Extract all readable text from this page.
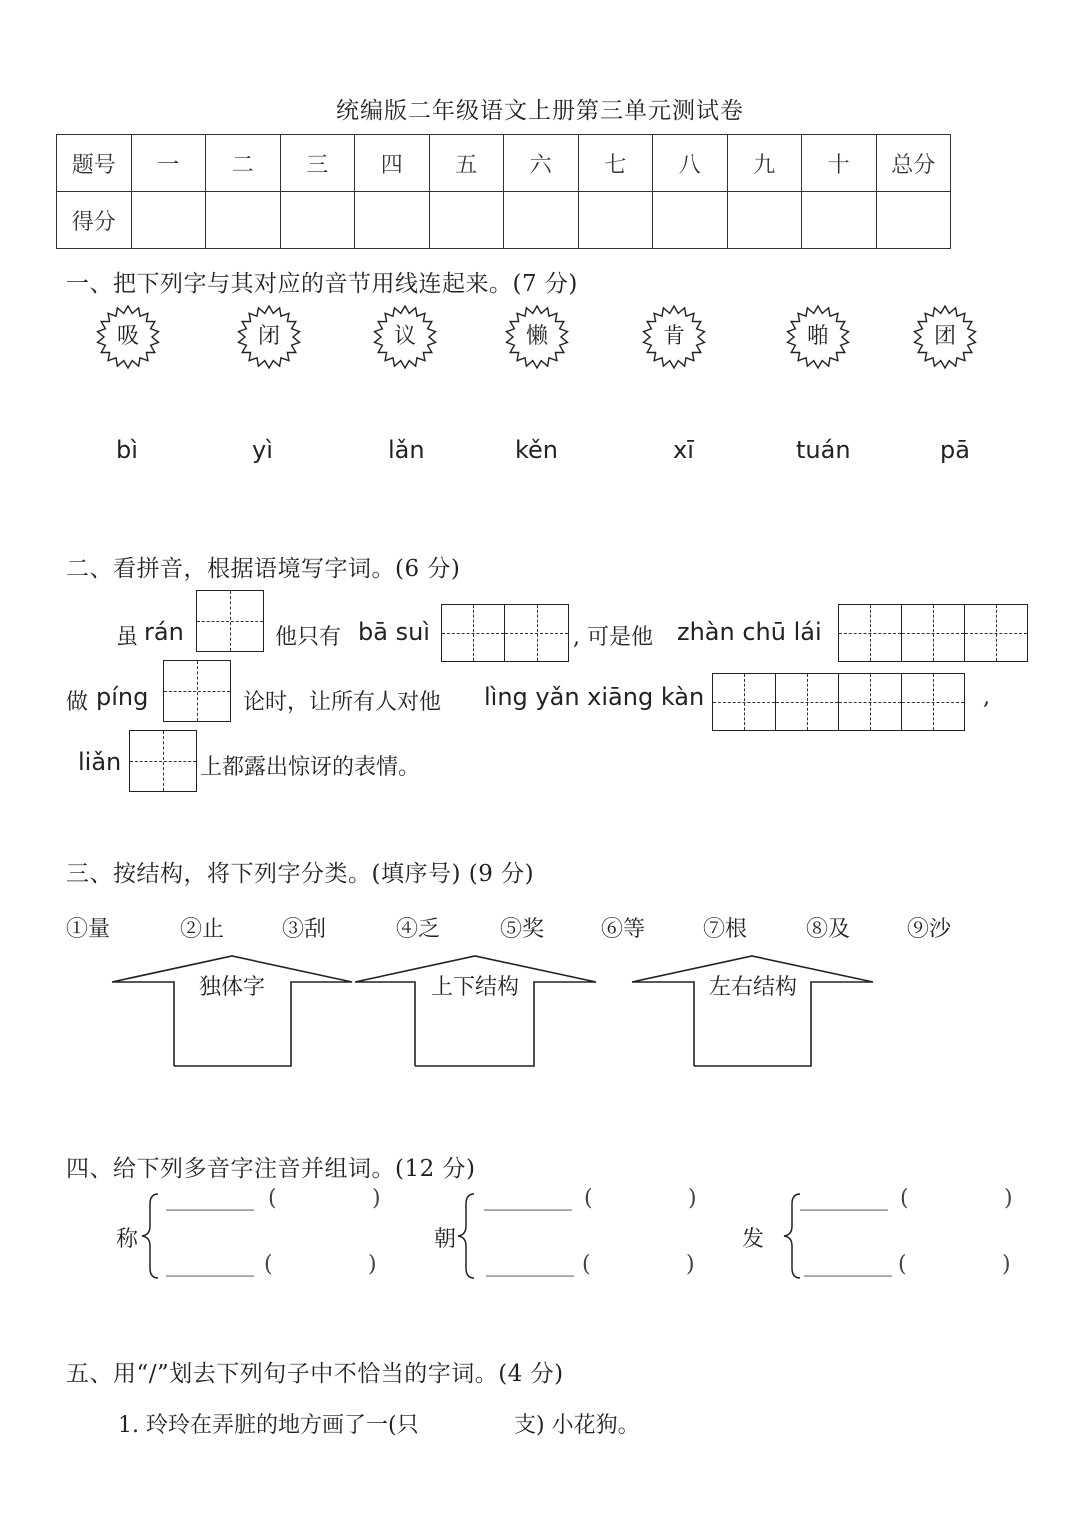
统编版二年级语文上册第三单元测试卷
题号	一	二	三	四	五	六	七	八	九	十	总分
得分											
一、把下列字与其对应的音节用线连起来。(7 分)
吸	闭	议	懒	肯	啪	团
bì	yì	lǎn	kěn	xī	tuán	pā
二、看拼音，根据语境写字词。(6 分)
虽 rán	他只有 bā suì	, 可是他 zhàn chū lái
做 píng	论时，让所有人对他 lìng yǎn xiāng kàn	,
liǎn	上都露出惊讶的表情。
三、按结构，将下列字分类。(填序号) (9 分)
①量	②止	③刮	④乏	⑤奖	⑥等	⑦根	⑧及	⑨沙
独体字	上下结构	左右结构
四、给下列多音字注音并组词。(12 分)
称	朝	发
________ (	)
________ (	)
________ (	)
________ (	)
________ (	)
________ (	)
五、用“/”划去下列句子中不恰当的字词。(4 分)
1. 玲玲在弄脏的地方画了一(只	支) 小花狗。
